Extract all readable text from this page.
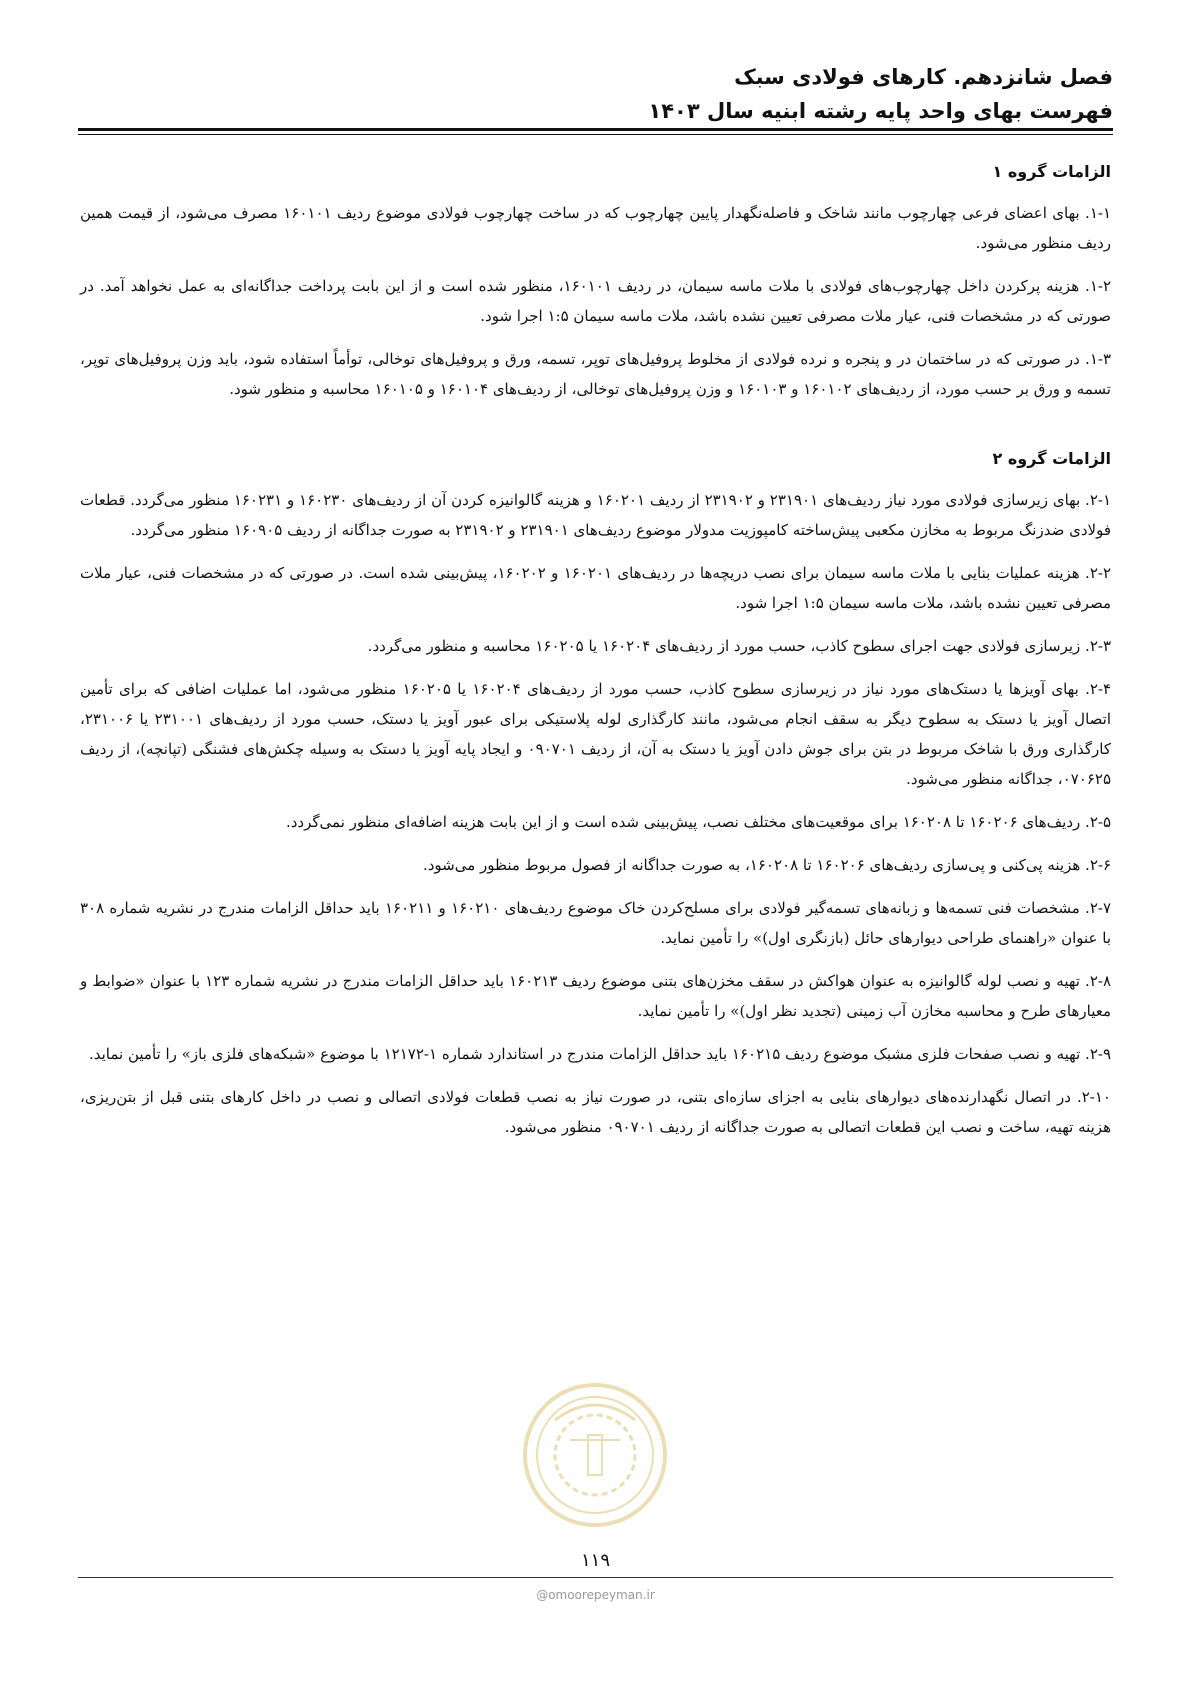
فصل شانزدهم. کارهای فولادی سبک
فهرست بهای واحد پایه رشته ابنیه سال ۱۴۰۳
الزامات گروه ۱

۱-۱. بهای اعضای فرعی چهارچوب مانند شاخک و فاصله‌نگهدار پایین چهارچوب که در ساخت چهارچوب فولادی موضوع ردیف ۱۶۰۱۰۱ مصرف می‌شود، از قیمت همین ردیف منظور می‌شود.

۱-۲. هزینه پرکردن داخل چهارچوب‌های فولادی با ملات ماسه سیمان، در ردیف ۱۶۰۱۰۱، منظور شده است و از این بابت پرداخت جداگانه‌ای به عمل نخواهد آمد. در صورتی که در مشخصات فنی، عیار ملات مصرفی تعیین نشده باشد، ملات ماسه سیمان ۱:۵ اجرا شود.

۱-۳. در صورتی که در ساختمان در و پنجره و نرده فولادی از مخلوط پروفیل‌های توپر، تسمه، ورق و پروفیل‌های توخالی، توأماً استفاده شود، باید وزن پروفیل‌های توپر، تسمه و ورق بر حسب مورد، از ردیف‌های ۱۶۰۱۰۲ و ۱۶۰۱۰۳ و وزن پروفیل‌های توخالی، از ردیف‌های ۱۶۰۱۰۴ و ۱۶۰۱۰۵ محاسبه و منظور شود.

الزامات گروه ۲

۲-۱. بهای زیرسازی فولادی مورد نیاز ردیف‌های ۲۳۱۹۰۱ و ۲۳۱۹۰۲ از ردیف ۱۶۰۲۰۱ و هزینه گالوانیزه کردن آن از ردیف‌های ۱۶۰۲۳۰ و ۱۶۰۲۳۱ منظور می‌گردد. قطعات فولادی ضدزنگ مربوط به مخازن مکعبی پیش‌ساخته کامپوزیت مدولار موضوع ردیف‌های ۲۳۱۹۰۱ و ۲۳۱۹۰۲ به صورت جداگانه از ردیف ۱۶۰۹۰۵ منظور می‌گردد.

۲-۲. هزینه عملیات بنایی با ملات ماسه سیمان برای نصب دریچه‌ها در ردیف‌های ۱۶۰۲۰۱ و ۱۶۰۲۰۲، پیش‌بینی شده است. در صورتی که در مشخصات فنی، عیار ملات مصرفی تعیین نشده باشد، ملات ماسه سیمان ۱:۵ اجرا شود.

۲-۳. زیرسازی فولادی جهت اجرای سطوح کاذب، حسب مورد از ردیف‌های ۱۶۰۲۰۴ یا ۱۶۰۲۰۵ محاسبه و منظور می‌گردد.

۲-۴. بهای آویزها یا دستک‌های مورد نیاز در زیرسازی سطوح کاذب، حسب مورد از ردیف‌های ۱۶۰۲۰۴ یا ۱۶۰۲۰۵ منظور می‌شود، اما عملیات اضافی که برای تأمین اتصال آویز یا دستک به سطوح دیگر به سقف انجام می‌شود، مانند کارگذاری لوله پلاستیکی برای عبور آویز یا دستک، حسب مورد از ردیف‌های ۲۳۱۰۰۱ یا ۲۳۱۰۰۶، کارگذاری ورق با شاخک مربوط در بتن برای جوش دادن آویز یا دستک به آن، از ردیف ۰۹۰۷۰۱ و ایجاد پایه آویز یا دستک به وسیله چکش‌های فشنگی (تپانچه)، از ردیف ۰۷۰۶۲۵، جداگانه منظور می‌شود.

۲-۵. ردیف‌های ۱۶۰۲۰۶ تا ۱۶۰۲۰۸ برای موقعیت‌های مختلف نصب، پیش‌بینی شده است و از این بابت هزینه اضافه‌ای منظور نمی‌گردد.

۲-۶. هزینه پی‌کنی و پی‌سازی ردیف‌های ۱۶۰۲۰۶ تا ۱۶۰۲۰۸، به صورت جداگانه از فصول مربوط منظور می‌شود.

۲-۷. مشخصات فنی تسمه‌ها و زبانه‌های تسمه‌گیر فولادی برای مسلح‌کردن خاک موضوع ردیف‌های ۱۶۰۲۱۰ و ۱۶۰۲۱۱ باید حداقل الزامات مندرج در نشریه شماره ۳۰۸ با عنوان «راهنمای طراحی دیوارهای حائل (بازنگری اول)» را تأمین نماید.

۲-۸. تهیه و نصب لوله گالوانیزه به عنوان هواکش در سقف مخزن‌های بتنی موضوع ردیف ۱۶۰۲۱۳ باید حداقل الزامات مندرج در نشریه شماره ۱۲۳ با عنوان «ضوابط و معیارهای طرح و محاسبه مخازن آب زمینی (تجدید نظر اول)» را تأمین نماید.

۲-۹. تهیه و نصب صفحات فلزی مشبک موضوع ردیف ۱۶۰۲۱۵ باید حداقل الزامات مندرج در استاندارد شماره ۱-۱۲۱۷۲ با موضوع «شبکه‌های فلزی باز» را تأمین نماید.

۲-۱۰. در اتصال نگهدارنده‌های دیوارهای بنایی به اجزای سازه‌ای بتنی، در صورت نیاز به نصب قطعات فولادی اتصالی و نصب در داخل کارهای بتنی قبل از بتن‌ریزی، هزینه تهیه، ساخت و نصب این قطعات اتصالی به صورت جداگانه از ردیف ۰۹۰۷۰۱ منظور می‌شود.

۱۱۹
@omoorepeyman.ir
